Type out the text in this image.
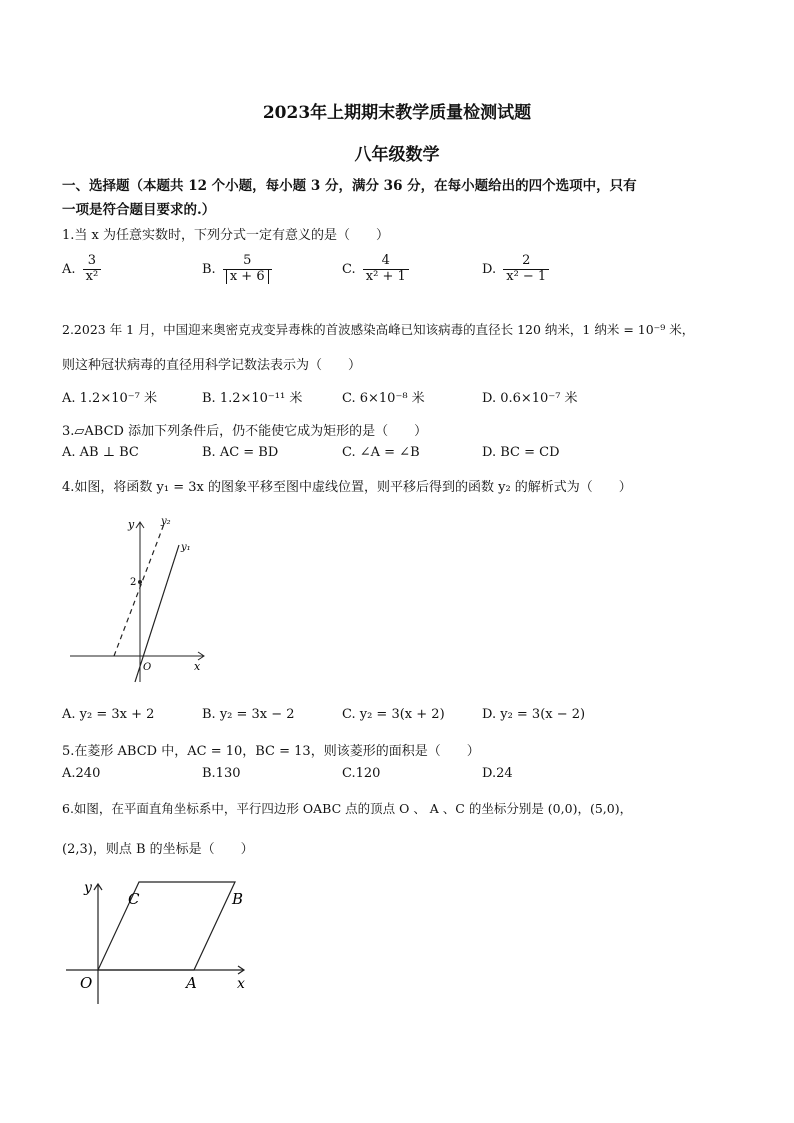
2023年上期期末教学质量检测试题
八年级数学
一、选择题（本题共 12 个小题，每小题 3 分，满分 36 分，在每小题给出的四个选项中，只有
一项是符合题目要求的.）
1.当 x 为任意实数时，下列分式一定有意义的是（　　）
A. $\frac{3}{\text{x²}}$	B. $\frac{5}{x + 6}$	C. $\frac{4}{\text{x² + 1}}$	D. $\frac{2}{\text{x² − 1}}$
2.2023 年 1 月，中国迎来奥密克戎变异毒株的首波感染高峰已知该病毒的直径长 120 纳米，1 纳米 = 10⁻⁹ 米，
则这种冠状病毒的直径用科学记数法表示为（　　）
A. 1.2×10⁻⁷ 米	B. 1.2×10⁻¹¹ 米	C. 6×10⁻⁸ 米	D. 0.6×10⁻⁷ 米
3.▱ABCD 添加下列条件后，仍不能使它成为矩形的是（　　）
A. AB ⊥ BC	B. AC = BD	C. ∠A = ∠B	D. BC = CD
4.如图，将函数 y₁ = 3x 的图象平移至图中虚线位置，则平移后得到的函数 y₂ 的解析式为（　　）
y
x
O
2
y₁
y₂
A. y₂ = 3x + 2	B. y₂ = 3x − 2	C. y₂ = 3(x + 2)	D. y₂ = 3(x − 2)
5.在菱形 ABCD 中，AC = 10，BC = 13，则该菱形的面积是（　　）
A.240	B.130	C.120	D.24
6.如图，在平面直角坐标系中，平行四边形 OABC 点的顶点 O 、 A 、C 的坐标分别是 (0,0)，(5,0)，
(2,3)，则点 B 的坐标是（　　）
y
x
O	A
B
C
